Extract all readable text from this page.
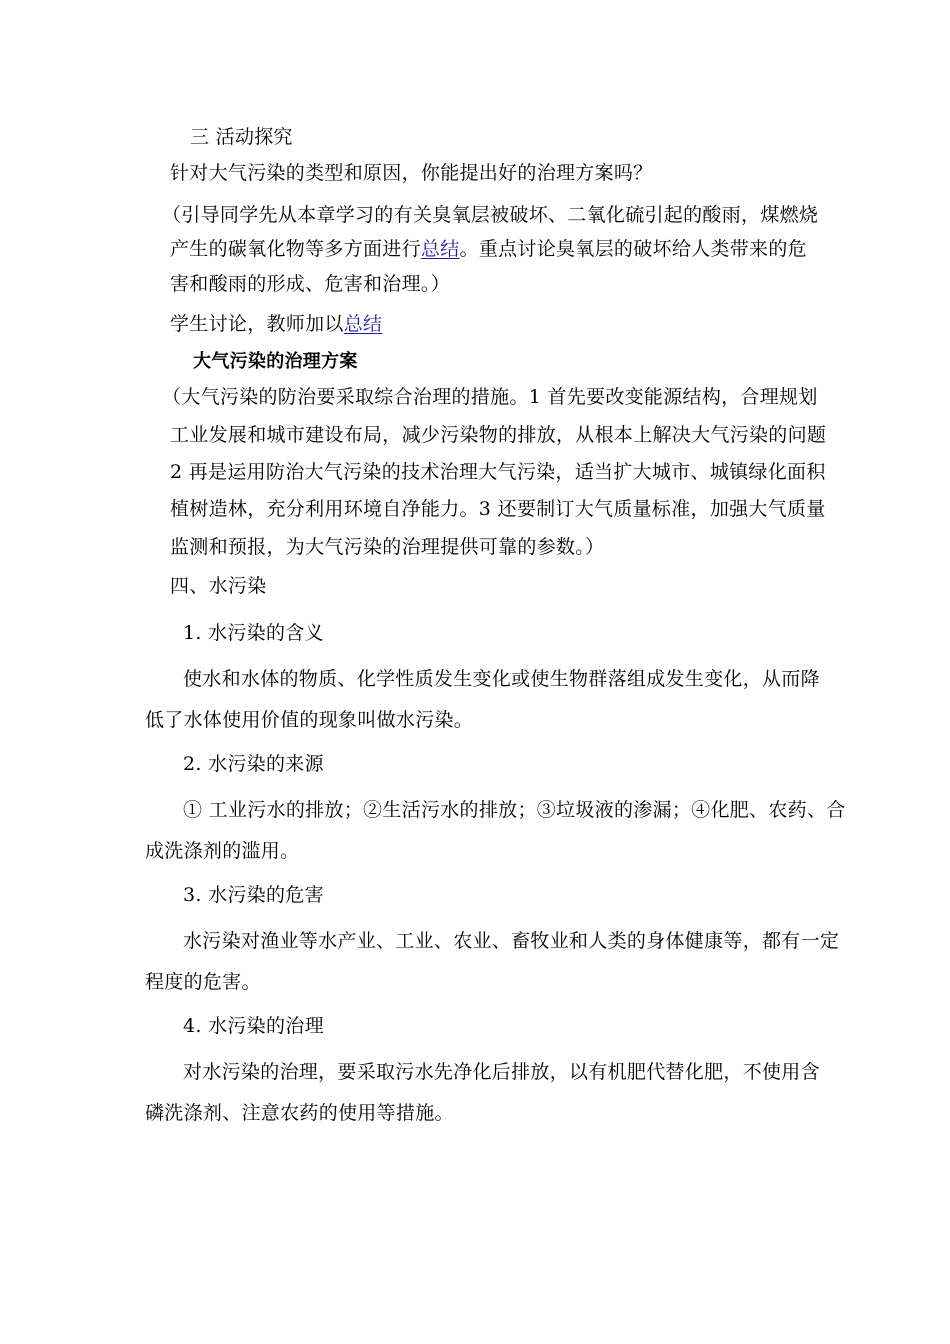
三 活动探究
针对大气污染的类型和原因，你能提出好的治理方案吗？
（引导同学先从本章学习的有关臭氧层被破坏、二氧化硫引起的酸雨，煤燃烧
产生的碳氧化物等多方面进行总结。重点讨论臭氧层的破坏给人类带来的危
害和酸雨的形成、危害和治理。）
学生讨论，教师加以总结
大气污染的治理方案
（大气污染的防治要采取综合治理的措施。1 首先要改变能源结构，合理规划
工业发展和城市建设布局，减少污染物的排放，从根本上解决大气污染的问题
2 再是运用防治大气污染的技术治理大气污染，适当扩大城市、城镇绿化面积
植树造林，充分利用环境自净能力。3 还要制订大气质量标准，加强大气质量
监测和预报，为大气污染的治理提供可靠的参数。）
四、水污染
1. 水污染的含义
使水和水体的物质、化学性质发生变化或使生物群落组成发生变化，从而降
低了水体使用价值的现象叫做水污染。
2. 水污染的来源
① 工业污水的排放；②生活污水的排放；③垃圾液的渗漏；④化肥、农药、合
成洗涤剂的滥用。
3. 水污染的危害
水污染对渔业等水产业、工业、农业、畜牧业和人类的身体健康等，都有一定
程度的危害。
4. 水污染的治理
对水污染的治理，要采取污水先净化后排放，以有机肥代替化肥，不使用含
磷洗涤剂、注意农药的使用等措施。
